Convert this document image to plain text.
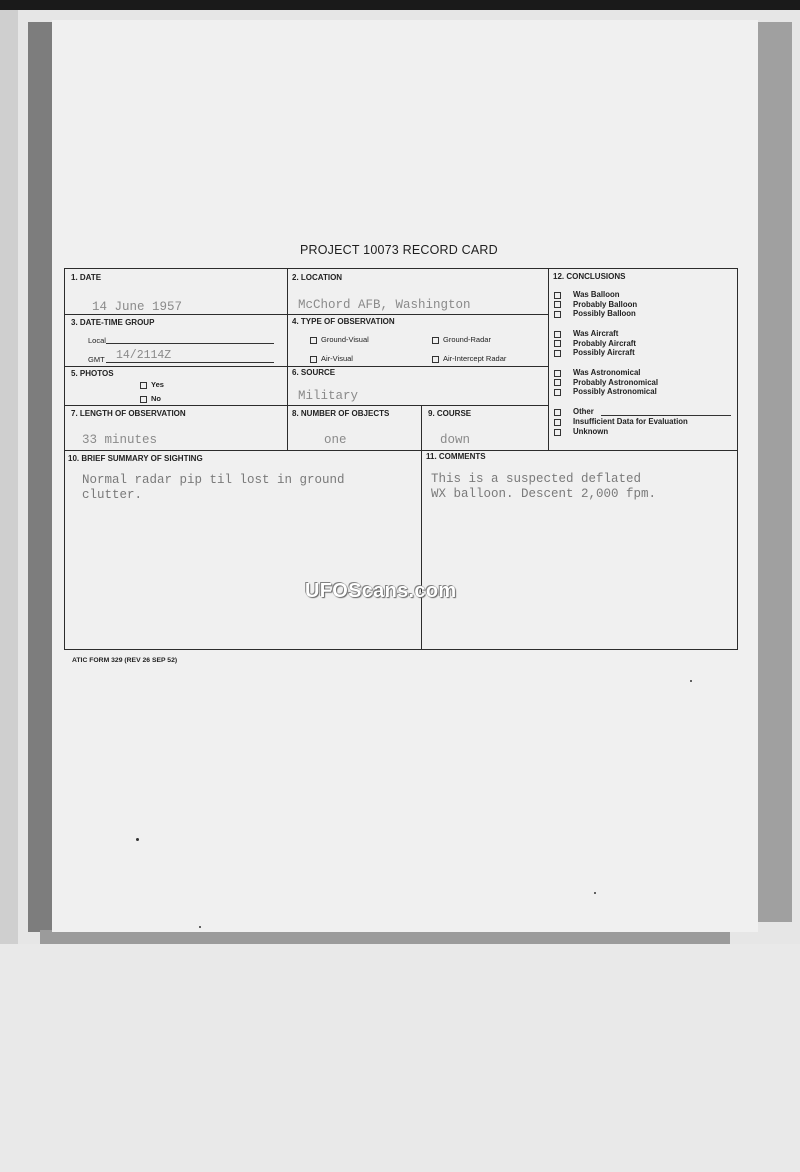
PROJECT 10073 RECORD CARD
1. DATE
14 June 1957
2. LOCATION
McChord AFB, Washington
3. DATE-TIME GROUP
Local
GMT 14/2114Z
4. TYPE OF OBSERVATION
Ground-Visual	Ground-Radar
Air-Visual	Air-Intercept Radar
5. PHOTOS
Yes
No
6. SOURCE
Military
7. LENGTH OF OBSERVATION
33 minutes
8. NUMBER OF OBJECTS
one
9. COURSE
down
10. BRIEF SUMMARY OF SIGHTING
Normal radar pip til lost in ground
clutter.
11. COMMENTS
This is a suspected deflated
WX balloon. Descent 2,000 fpm.
12. CONCLUSIONS
Was Balloon
Probably Balloon
Possibly Balloon
Was Aircraft
Probably Aircraft
Possibly Aircraft
Was Astronomical
Probably Astronomical
Possibly Astronomical
Other
Insufficient Data for Evaluation
Unknown
ATIC FORM 329 (REV 26 SEP 52)
UFOScans.com
